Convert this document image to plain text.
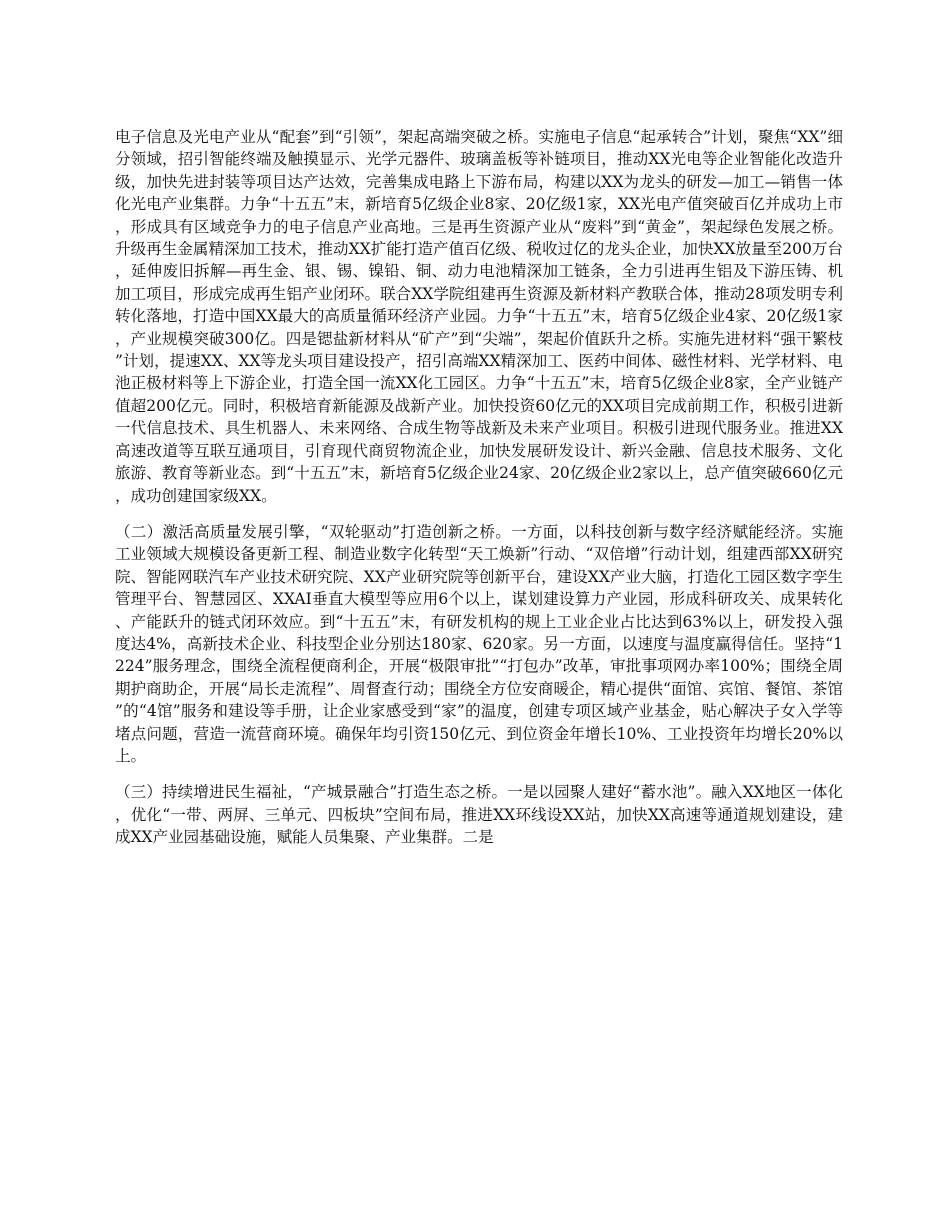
电子信息及光电产业从“配套”到“引领”，架起高端突破之桥。实施电子信息“起承转合”计划，聚焦“XX”细分领域，招引智能终端及触摸显示、光学元器件、玻璃盖板等补链项目，推动XX光电等企业智能化改造升级，加快先进封装等项目达产达效，完善集成电路上下游布局，构建以XX为龙头的研发—加工—销售一体化光电产业集群。力争“十五五”末，新培育5亿级企业8家、20亿级1家，XX光电产值突破百亿并成功上市，形成具有区域竞争力的电子信息产业高地。三是再生资源产业从“废料”到“黄金”，架起绿色发展之桥。升级再生金属精深加工技术，推动XX扩能打造产值百亿级、税收过亿的龙头企业，加快XX放量至200万台，延伸废旧拆解—再生金、银、锡、镍铅、铜、动力电池精深加工链条，全力引进再生铝及下游压铸、机加工项目，形成完成再生铝产业闭环。联合XX学院组建再生资源及新材料产教联合体，推动28项发明专利转化落地，打造中国XX最大的高质量循环经济产业园。力争“十五五”末，培育5亿级企业4家、20亿级1家，产业规模突破300亿。四是锶盐新材料从“矿产”到“尖端”，架起价值跃升之桥。实施先进材料“强干繁枝”计划，提速XX、XX等龙头项目建设投产，招引高端XX精深加工、医药中间体、磁性材料、光学材料、电池正极材料等上下游企业，打造全国一流XX化工园区。力争“十五五”末，培育5亿级企业8家，全产业链产值超200亿元。同时，积极培育新能源及战新产业。加快投资60亿元的XX项目完成前期工作，积极引进新一代信息技术、具生机器人、未来网络、合成生物等战新及未来产业项目。积极引进现代服务业。推进XX高速改道等互联互通项目，引育现代商贸物流企业，加快发展研发设计、新兴金融、信息技术服务、文化旅游、教育等新业态。到“十五五”末，新培育5亿级企业24家、20亿级企业2家以上，总产值突破660亿元，成功创建国家级XX。

（二）激活高质量发展引擎，“双轮驱动”打造创新之桥。一方面，以科技创新与数字经济赋能经济。实施工业领域大规模设备更新工程、制造业数字化转型“天工焕新”行动、“双倍增”行动计划，组建西部XX研究院、智能网联汽车产业技术研究院、XX产业研究院等创新平台，建设XX产业大脑，打造化工园区数字孪生管理平台、智慧园区、XXAI垂直大模型等应用6个以上，谋划建设算力产业园，形成科研攻关、成果转化、产能跃升的链式闭环效应。到“十五五”末，有研发机构的规上工业企业占比达到63%以上，研发投入强度达4%，高新技术企业、科技型企业分别达180家、620家。另一方面，以速度与温度赢得信任。坚持“1224”服务理念，围绕全流程便商利企，开展“极限审批”“打包办”改革，审批事项网办率100%；围绕全周期护商助企，开展“局长走流程”、周督查行动；围绕全方位安商暖企，精心提供“面馆、宾馆、餐馆、茶馆”的“4馆”服务和建设等手册，让企业家感受到“家”的温度，创建专项区域产业基金，贴心解决子女入学等堵点问题，营造一流营商环境。确保年均引资150亿元、到位资金年增长10%、工业投资年均增长20%以上。

（三）持续增进民生福祉，“产城景融合”打造生态之桥。一是以园聚人建好“蓄水池”。融入XX地区一体化，优化“一带、两屏、三单元、四板块”空间布局，推进XX环线设XX站，加快XX高速等通道规划建设，建成XX产业园基础设施，赋能人员集聚、产业集群。二是
